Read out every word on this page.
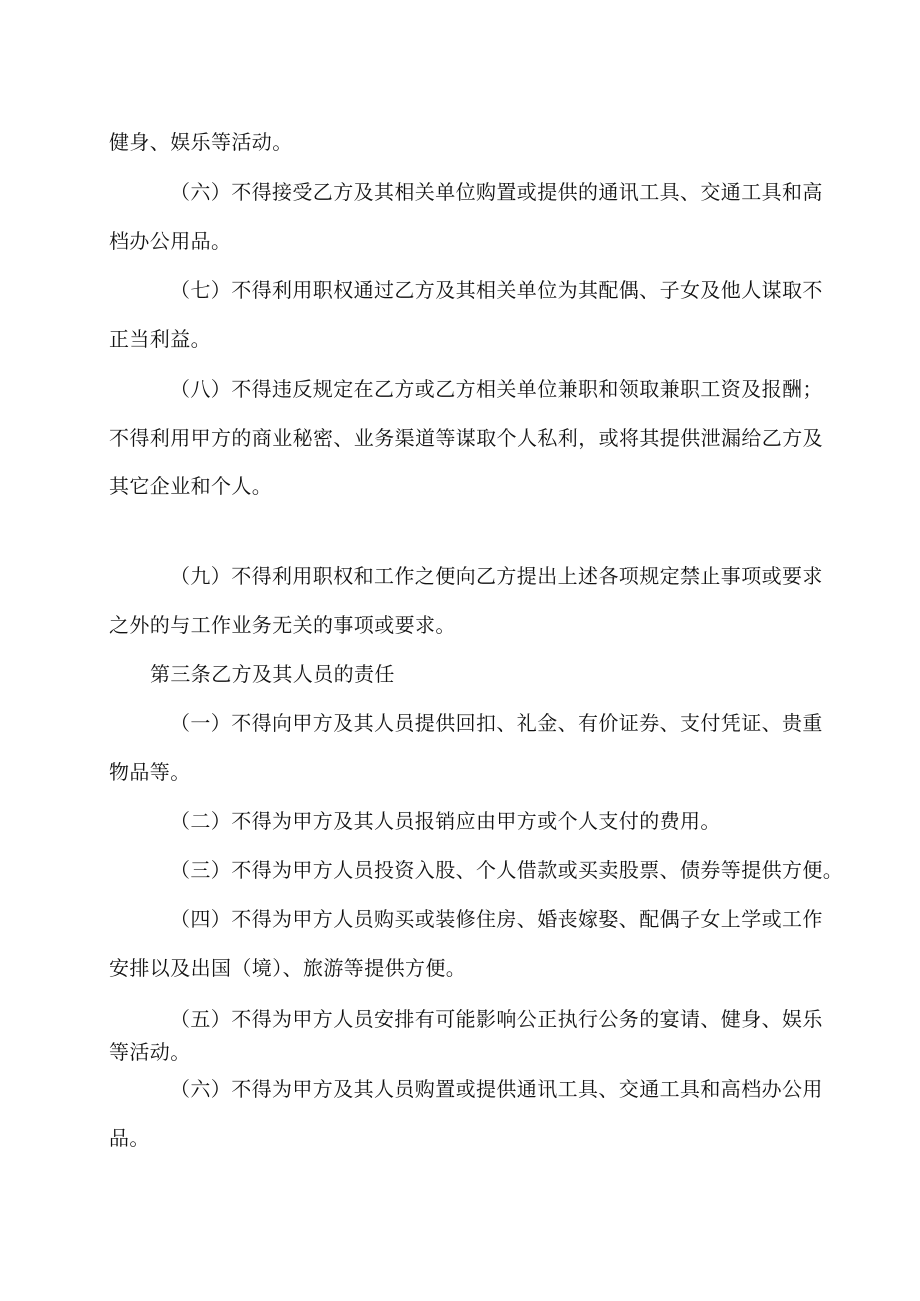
健身、娱乐等活动。

（六）不得接受乙方及其相关单位购置或提供的通讯工具、交通工具和高

档办公用品。

（七）不得利用职权通过乙方及其相关单位为其配偶、子女及他人谋取不

正当利益。

（八）不得违反规定在乙方或乙方相关单位兼职和领取兼职工资及报酬；

不得利用甲方的商业秘密、业务渠道等谋取个人私利，或将其提供泄漏给乙方及

其它企业和个人。

（九）不得利用职权和工作之便向乙方提出上述各项规定禁止事项或要求

之外的与工作业务无关的事项或要求。

第三条乙方及其人员的责任

（一）不得向甲方及其人员提供回扣、礼金、有价证券、支付凭证、贵重

物品等。

（二）不得为甲方及其人员报销应由甲方或个人支付的费用。

（三）不得为甲方人员投资入股、个人借款或买卖股票、债券等提供方便。

（四）不得为甲方人员购买或装修住房、婚丧嫁娶、配偶子女上学或工作

安排以及出国（境）、旅游等提供方便。

（五）不得为甲方人员安排有可能影响公正执行公务的宴请、健身、娱乐

等活动。

（六）不得为甲方及其人员购置或提供通讯工具、交通工具和高档办公用

品。
